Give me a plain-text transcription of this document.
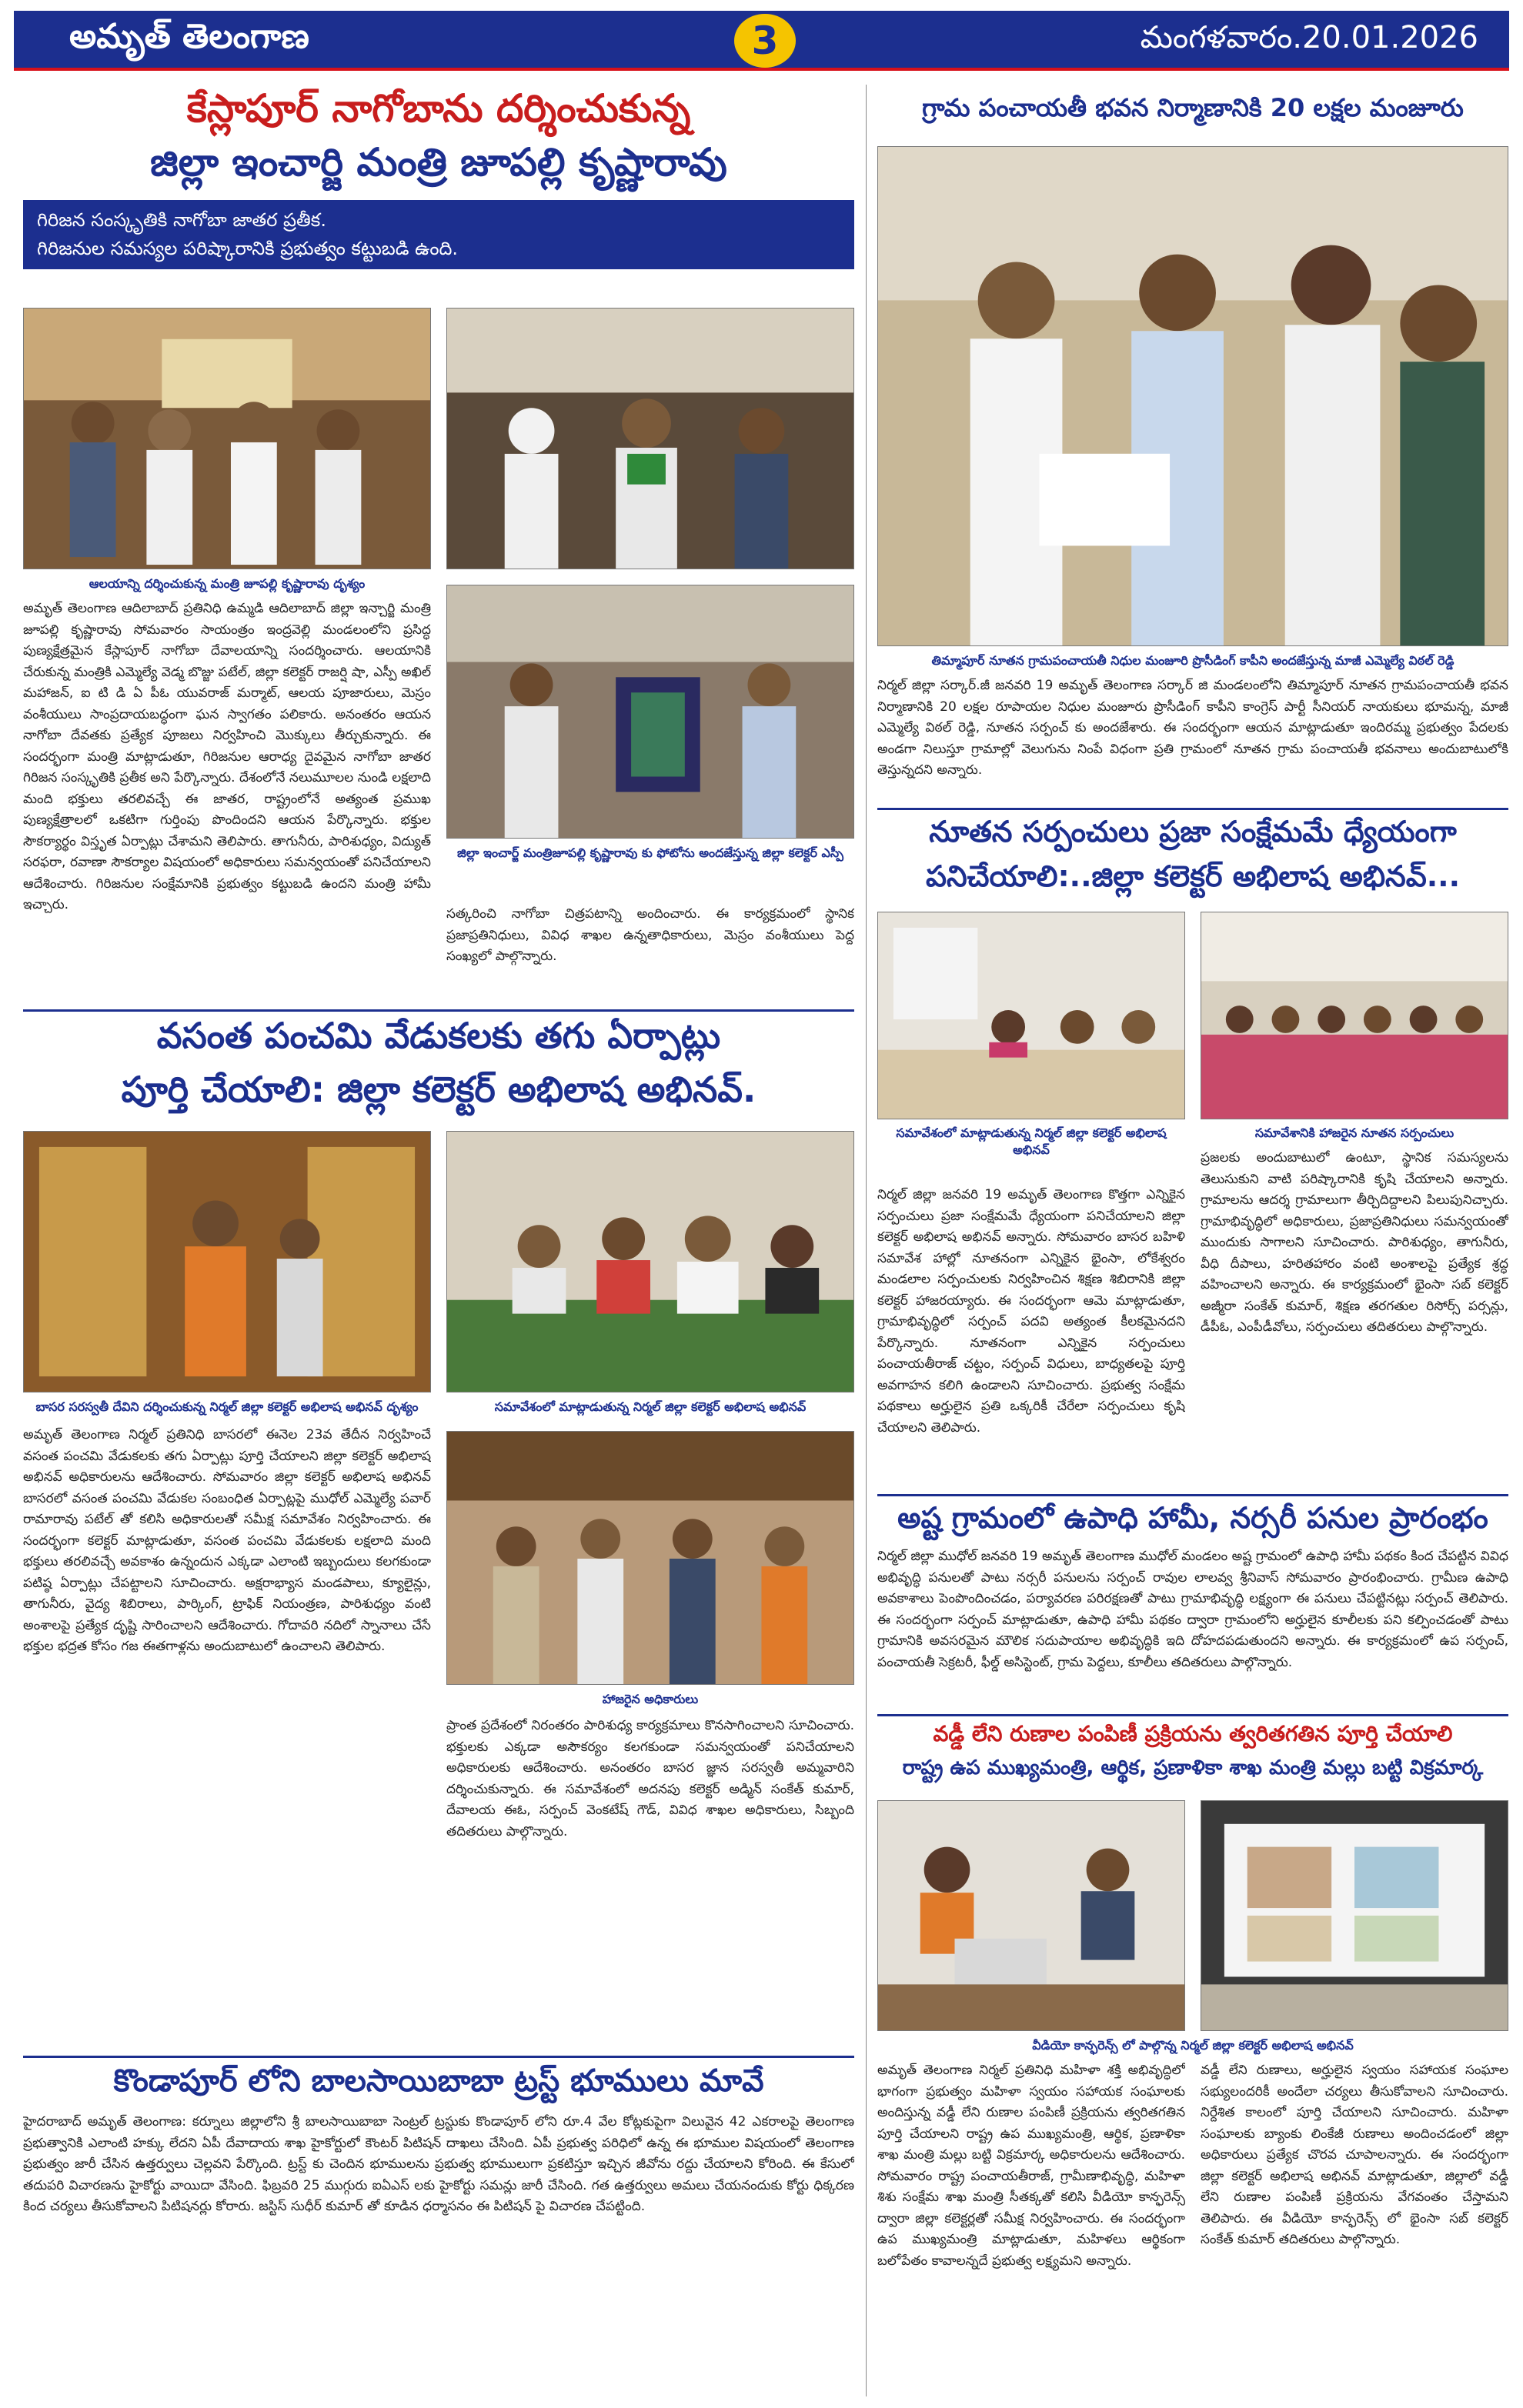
అమృత్ తెలంగాణ	3	మంగళవారం.20.01.2026
కేస్లాపూర్ నాగోబాను దర్శించుకున్న
జిల్లా ఇంచార్జి మంత్రి జూపల్లి కృష్ణారావు
గిరిజన సంస్కృతికి నాగోబా జాతర ప్రతీక.
గిరిజనుల సమస్యల పరిష్కారానికి ప్రభుత్వం కట్టుబడి ఉంది.
ఆలయాన్ని దర్శించుకున్న మంత్రి జూపల్లి కృష్ణారావు దృశ్యం
అమృత్ తెలంగాణ ఆదిలాబాద్ ప్రతినిధి ఉమ్మడి ఆదిలాబాద్ జిల్లా ఇన్చార్జి మంత్రి జూపల్లి కృష్ణారావు సోమవారం సాయంత్రం ఇంద్రవెల్లి మండలంలోని ప్రసిద్ధ పుణ్యక్షేత్రమైన కేస్లాపూర్ నాగోబా దేవాలయాన్ని సందర్శించారు. ఆలయానికి చేరుకున్న మంత్రికి ఎమ్మెల్యే వెడ్మ బొజ్జు పటేల్, జిల్లా కలెక్టర్ రాజర్షి షా, ఎస్పీ అఖిల్ మహాజన్, ఐ టి డి ఏ పీఓ యువరాజ్ మర్మాట్, ఆలయ పూజారులు, మెస్రం వంశీయులు సాంప్రదాయబద్ధంగా ఘన స్వాగతం పలికారు. అనంతరం ఆయన నాగోబా దేవతకు ప్రత్యేక పూజలు నిర్వహించి మొక్కులు తీర్చుకున్నారు. ఈ సందర్భంగా మంత్రి మాట్లాడుతూ, గిరిజనుల ఆరాధ్య దైవమైన నాగోబా జాతర గిరిజన సంస్కృతికి ప్రతీక అని పేర్కొన్నారు. దేశంలోనే నలుమూలల నుండి లక్షలాది మంది భక్తులు తరలివచ్చే ఈ జాతర, రాష్ట్రంలోనే అత్యంత ప్రముఖ పుణ్యక్షేత్రాలలో ఒకటిగా గుర్తింపు పొందిందని ఆయన పేర్కొన్నారు. భక్తుల సౌకర్యార్థం విస్తృత ఏర్పాట్లు చేశామని తెలిపారు. తాగునీరు, పారిశుధ్యం, విద్యుత్ సరఫరా, రవాణా సౌకర్యాల విషయంలో అధికారులు సమన్వయంతో పనిచేయాలని ఆదేశించారు. గిరిజనుల సంక్షేమానికి ప్రభుత్వం కట్టుబడి ఉందని మంత్రి హామీ ఇచ్చారు.
జిల్లా ఇంచార్జ్ మంత్రిజూపల్లి కృష్ణారావు కు ఫోటోను అందజేస్తున్న జిల్లా కలెక్టర్ ఎస్పీ
సత్కరించి నాగోబా చిత్రపటాన్ని అందించారు. ఈ కార్యక్రమంలో స్థానిక ప్రజాప్రతినిధులు, వివిధ శాఖల ఉన్నతాధికారులు, మెస్రం వంశీయులు పెద్ద సంఖ్యలో పాల్గొన్నారు.
వసంత పంచమి వేడుకలకు తగు ఏర్పాట్లు
పూర్తి చేయాలి: జిల్లా కలెక్టర్ అభిలాష అభినవ్.
బాసర సరస్వతీ దేవిని దర్శించుకున్న నిర్మల్ జిల్లా కలెక్టర్ అభిలాష అభినవ్ దృశ్యం	సమావేశంలో మాట్లాడుతున్న నిర్మల్ జిల్లా కలెక్టర్ అభిలాష అభినవ్
అమృత్ తెలంగాణ నిర్మల్ ప్రతినిధి బాసరలో ఈనెల 23వ తేదీన నిర్వహించే వసంత పంచమి వేడుకలకు తగు ఏర్పాట్లు పూర్తి చేయాలని జిల్లా కలెక్టర్ అభిలాష అభినవ్ అధికారులను ఆదేశించారు. సోమవారం జిల్లా కలెక్టర్ అభిలాష అభినవ్ బాసరలో వసంత పంచమి వేడుకల సంబంధిత ఏర్పాట్లపై ముధోల్ ఎమ్మెల్యే పవార్ రామారావు పటేల్ తో కలిసి అధికారులతో సమీక్ష సమావేశం నిర్వహించారు. ఈ సందర్భంగా కలెక్టర్ మాట్లాడుతూ, వసంత పంచమి వేడుకలకు లక్షలాది మంది భక్తులు తరలివచ్చే అవకాశం ఉన్నందున ఎక్కడా ఎలాంటి ఇబ్బందులు కలగకుండా పటిష్ఠ ఏర్పాట్లు చేపట్టాలని సూచించారు. అక్షరాభ్యాస మండపాలు, క్యూలైన్లు, తాగునీరు, వైద్య శిబిరాలు, పార్కింగ్, ట్రాఫిక్ నియంత్రణ, పారిశుధ్యం వంటి అంశాలపై ప్రత్యేక దృష్టి సారించాలని ఆదేశించారు. గోదావరి నదిలో స్నానాలు చేసే భక్తుల భద్రత కోసం గజ ఈతగాళ్లను అందుబాటులో ఉంచాలని తెలిపారు.
హాజరైన అధికారులు
ప్రాంత ప్రదేశంలో నిరంతరం పారిశుధ్య కార్యక్రమాలు కొనసాగించాలని సూచించారు. భక్తులకు ఎక్కడా అసౌకర్యం కలగకుండా సమన్వయంతో పనిచేయాలని అధికారులకు ఆదేశించారు. అనంతరం బాసర జ్ఞాన సరస్వతీ అమ్మవారిని దర్శించుకున్నారు. ఈ సమావేశంలో అదనపు కలెక్టర్ అడ్మిన్ సంకేత్ కుమార్, దేవాలయ ఈఓ, సర్పంచ్ వెంకటేష్ గౌడ్, వివిధ శాఖల అధికారులు, సిబ్బంది తదితరులు పాల్గొన్నారు.
కొండాపూర్ లోని బాలసాయిబాబా ట్రస్ట్ భూములు మావే
హైదరాబాద్ అమృత్ తెలంగాణ: కర్నూలు జిల్లాలోని శ్రీ బాలసాయిబాబా సెంట్రల్ ట్రస్టుకు కొండాపూర్ లోని రూ.4 వేల కోట్లకుపైగా విలువైన 42 ఎకరాలపై తెలంగాణ ప్రభుత్వానికి ఎలాంటి హక్కు లేదని ఏపీ దేవాదాయ శాఖ హైకోర్టులో కౌంటర్ పిటిషన్ దాఖలు చేసింది. ఏపీ ప్రభుత్వ పరిధిలో ఉన్న ఈ భూముల విషయంలో తెలంగాణ ప్రభుత్వం జారీ చేసిన ఉత్తర్వులు చెల్లవని పేర్కొంది. ట్రస్ట్ కు చెందిన భూములను ప్రభుత్వ భూములుగా ప్రకటిస్తూ ఇచ్చిన జీవోను రద్దు చేయాలని కోరింది. ఈ కేసులో తదుపరి విచారణను హైకోర్టు వాయిదా వేసింది. ఫిబ్రవరి 25 ముగ్గురు ఐఏఎస్ లకు హైకోర్టు సమన్లు జారీ చేసింది. గత ఉత్తర్వులు అమలు చేయనందుకు కోర్టు ధిక్కరణ కింద చర్యలు తీసుకోవాలని పిటిషనర్లు కోరారు. జస్టిస్ సుధీర్ కుమార్ తో కూడిన ధర్మాసనం ఈ పిటిషన్ పై విచారణ చేపట్టింది.
గ్రామ పంచాయతీ భవన నిర్మాణానికి 20 లక్షల మంజూరు
తిమ్మాపూర్ నూతన గ్రామపంచాయతీ నిధుల మంజూరి ప్రొసీడింగ్ కాపీని అందజేస్తున్న మాజీ ఎమ్మెల్యే విఠల్ రెడ్డి
నిర్మల్ జిల్లా సర్కార్.జీ జనవరి 19 అమృత్ తెలంగాణ సర్కార్ జి మండలంలోని తిమ్మాపూర్ నూతన గ్రామపంచాయతీ భవన నిర్మాణానికి 20 లక్షల రూపాయల నిధుల మంజూరు ప్రొసీడింగ్ కాపీని కాంగ్రెస్ పార్టీ సీనియర్ నాయకులు భూమన్న, మాజీ ఎమ్మెల్యే విఠల్ రెడ్డి, నూతన సర్పంచ్ కు అందజేశారు. ఈ సందర్భంగా ఆయన మాట్లాడుతూ ఇందిరమ్మ ప్రభుత్వం పేదలకు అండగా నిలుస్తూ గ్రామాల్లో వెలుగును నింపే విధంగా ప్రతి గ్రామంలో నూతన గ్రామ పంచాయతీ భవనాలు అందుబాటులోకి తెస్తున్నదని అన్నారు.
నూతన సర్పంచులు ప్రజా సంక్షేమమే ధ్యేయంగా
పనిచేయాలి:..జిల్లా కలెక్టర్ అభిలాష అభినవ్...
సమావేశంలో మాట్లాడుతున్న నిర్మల్ జిల్లా కలెక్టర్ అభిలాష అభినవ్
సమావేశానికి హాజరైన నూతన సర్పంచులు
నిర్మల్ జిల్లా జనవరి 19 అమృత్ తెలంగాణ కొత్తగా ఎన్నికైన సర్పంచులు ప్రజా సంక్షేమమే ధ్యేయంగా పనిచేయాలని జిల్లా కలెక్టర్ అభిలాష అభినవ్ అన్నారు. సోమవారం బాసర బహిళి సమావేశ హాల్లో నూతనంగా ఎన్నికైన భైంసా, లోకేశ్వరం మండలాల సర్పంచులకు నిర్వహించిన శిక్షణ శిబిరానికి జిల్లా కలెక్టర్ హాజరయ్యారు. ఈ సందర్భంగా ఆమె మాట్లాడుతూ, గ్రామాభివృద్ధిలో సర్పంచ్ పదవి అత్యంత కీలకమైనదని పేర్కొన్నారు. నూతనంగా ఎన్నికైన సర్పంచులు పంచాయతీరాజ్ చట్టం, సర్పంచ్ విధులు, బాధ్యతలపై పూర్తి అవగాహన కలిగి ఉండాలని సూచించారు. ప్రభుత్వ సంక్షేమ పథకాలు అర్హులైన ప్రతి ఒక్కరికీ చేరేలా సర్పంచులు కృషి చేయాలని తెలిపారు.
ప్రజలకు అందుబాటులో ఉంటూ, స్థానిక సమస్యలను తెలుసుకుని వాటి పరిష్కారానికి కృషి చేయాలని అన్నారు. గ్రామాలను ఆదర్శ గ్రామాలుగా తీర్చిదిద్దాలని పిలుపునిచ్చారు. గ్రామాభివృద్ధిలో అధికారులు, ప్రజాప్రతినిధులు సమన్వయంతో ముందుకు సాగాలని సూచించారు. పారిశుధ్యం, తాగునీరు, వీధి దీపాలు, హరితహారం వంటి అంశాలపై ప్రత్యేక శ్రద్ధ వహించాలని అన్నారు. ఈ కార్యక్రమంలో భైంసా సబ్ కలెక్టర్ అజ్మీరా సంకేత్ కుమార్, శిక్షణ తరగతుల రిసోర్స్ పర్సన్లు, డీపీఓ, ఎంపీడీవోలు, సర్పంచులు తదితరులు పాల్గొన్నారు.
అష్ట గ్రామంలో ఉపాధి హామీ, నర్సరీ పనుల ప్రారంభం
నిర్మల్ జిల్లా ముధోల్ జనవరి 19 అమృత్ తెలంగాణ ముధోల్ మండలం అష్ట గ్రామంలో ఉపాధి హామీ పథకం కింద చేపట్టిన వివిధ అభివృద్ధి పనులతో పాటు నర్సరీ పనులను సర్పంచ్ రావుల లాలవ్వ శ్రీనివాస్ సోమవారం ప్రారంభించారు. గ్రామీణ ఉపాధి అవకాశాలు పెంపొందించడం, పర్యావరణ పరిరక్షణతో పాటు గ్రామాభివృద్ధి లక్ష్యంగా ఈ పనులు చేపట్టినట్లు సర్పంచ్ తెలిపారు. ఈ సందర్భంగా సర్పంచ్ మాట్లాడుతూ, ఉపాధి హామీ పథకం ద్వారా గ్రామంలోని అర్హులైన కూలీలకు పని కల్పించడంతో పాటు గ్రామానికి అవసరమైన మౌలిక సదుపాయాల అభివృద్ధికి ఇది దోహదపడుతుందని అన్నారు. ఈ కార్యక్రమంలో ఉప సర్పంచ్, పంచాయతీ సెక్రటరీ, ఫీల్డ్ అసిస్టెంట్, గ్రామ పెద్దలు, కూలీలు తదితరులు పాల్గొన్నారు.
వడ్డీ లేని రుణాల పంపిణీ ప్రక్రియను త్వరితగతిన పూర్తి చేయాలి
రాష్ట్ర ఉప ముఖ్యమంత్రి, ఆర్థిక, ప్రణాళికా శాఖ మంత్రి మల్లు బట్టి విక్రమార్క
వీడియో కాన్ఫరెన్స్ లో పాల్గొన్న నిర్మల్ జిల్లా కలెక్టర్ అభిలాష అభినవ్
అమృత్ తెలంగాణ నిర్మల్ ప్రతినిధి మహిళా శక్తి అభివృద్ధిలో భాగంగా ప్రభుత్వం మహిళా స్వయం సహాయక సంఘాలకు అందిస్తున్న వడ్డీ లేని రుణాల పంపిణీ ప్రక్రియను త్వరితగతిన పూర్తి చేయాలని రాష్ట్ర ఉప ముఖ్యమంత్రి, ఆర్థిక, ప్రణాళికా శాఖ మంత్రి మల్లు బట్టి విక్రమార్క అధికారులను ఆదేశించారు. సోమవారం రాష్ట్ర పంచాయతీరాజ్, గ్రామీణాభివృద్ధి, మహిళా శిశు సంక్షేమ శాఖ మంత్రి సీతక్కతో కలిసి వీడియో కాన్ఫరెన్స్ ద్వారా జిల్లా కలెక్టర్లతో సమీక్ష నిర్వహించారు. ఈ సందర్భంగా ఉప ముఖ్యమంత్రి మాట్లాడుతూ, మహిళలు ఆర్థికంగా బలోపేతం కావాలన్నదే ప్రభుత్వ లక్ష్యమని అన్నారు.
వడ్డీ లేని రుణాలు, అర్హులైన స్వయం సహాయక సంఘాల సభ్యులందరికీ అందేలా చర్యలు తీసుకోవాలని సూచించారు. నిర్దేశిత కాలంలో పూర్తి చేయాలని సూచించారు. మహిళా సంఘాలకు బ్యాంకు లింకేజీ రుణాలు అందించడంలో జిల్లా అధికారులు ప్రత్యేక చొరవ చూపాలన్నారు. ఈ సందర్భంగా జిల్లా కలెక్టర్ అభిలాష అభినవ్ మాట్లాడుతూ, జిల్లాలో వడ్డీ లేని రుణాల పంపిణీ ప్రక్రియను వేగవంతం చేస్తామని తెలిపారు. ఈ వీడియో కాన్ఫరెన్స్ లో భైంసా సబ్ కలెక్టర్ సంకేత్ కుమార్ తదితరులు పాల్గొన్నారు.
